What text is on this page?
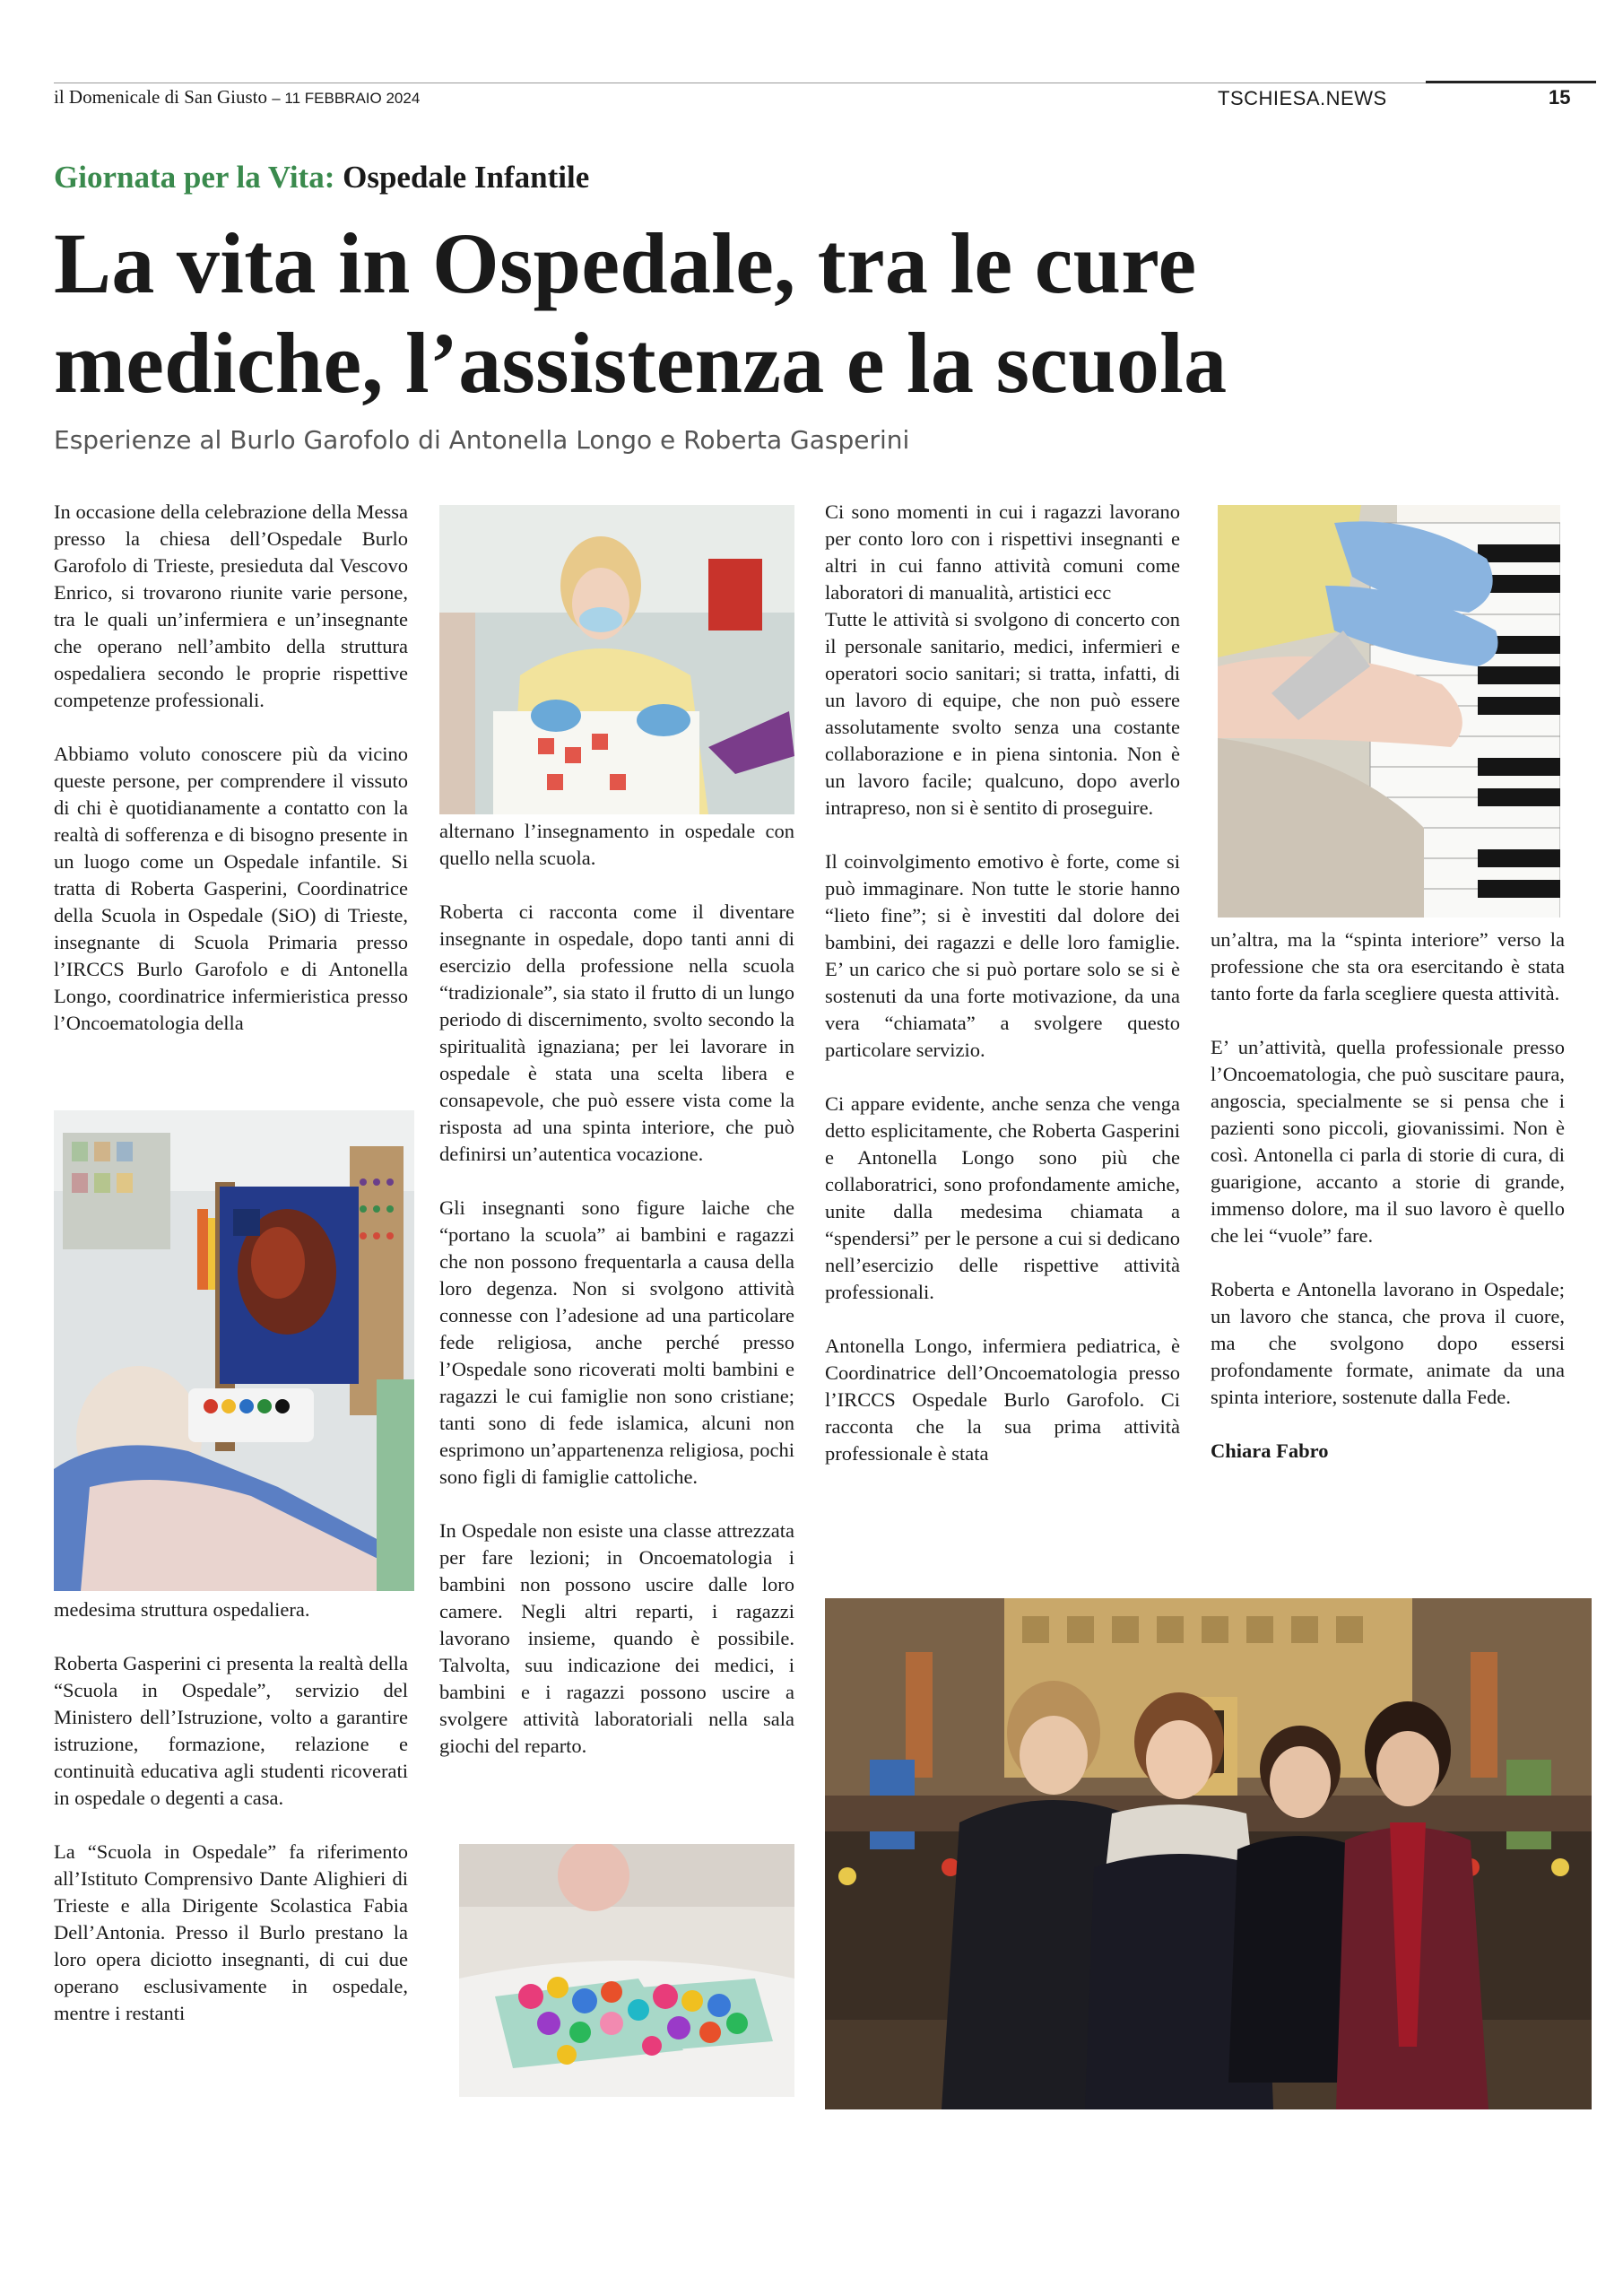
il Domenicale di San Giusto – 11 FEBBRAIO 2024	TSCHIESA.NEWS	15
Giornata per la Vita: Ospedale Infantile
La vita in Ospedale, tra le cure
mediche, l’assistenza e la scuola
Esperienze al Burlo Garofolo di Antonella Longo e Roberta Gasperini

In occasione della celebrazione della Messa presso la chiesa dell’Ospedale Burlo Garofolo di Trieste, presieduta dal Vescovo Enrico, si trovarono riunite varie persone, tra le quali un’infermiera e un’insegnante che operano nell’ambito della struttura ospedaliera secondo le proprie rispettive competenze professionali.

Abbiamo voluto conoscere più da vicino queste persone, per comprendere il vissuto di chi è quotidianamente a contatto con la realtà di sofferenza e di bisogno presente in un luogo come un Ospedale infantile. Si tratta di Roberta Gasperini, Coordinatrice della Scuola in Ospedale (SiO) di Trieste, insegnante di Scuola Primaria presso l’IRCCS Burlo Garofolo e di Antonella Longo, coordinatrice infermieristica presso l’Oncoematologia della

medesima struttura ospedaliera.

Roberta Gasperini ci presenta la realtà della “Scuola in Ospedale”, servizio del Ministero dell’Istruzione, volto a garantire istruzione, formazione, relazione e continuità educativa agli studenti ricoverati in ospedale o degenti a casa.

La “Scuola in Ospedale” fa riferimento all’Istituto Comprensivo Dante Alighieri di Trieste e alla Dirigente Scolastica Fabia Dell’Antonia. Presso il Burlo prestano la loro opera diciotto insegnanti, di cui due operano esclusivamente in ospedale, mentre i restanti

alternano l’insegnamento in ospedale con quello nella scuola.

Roberta ci racconta come il diventare insegnante in ospedale, dopo tanti anni di esercizio della professione nella scuola “tradizionale”, sia stato il frutto di un lungo periodo di discernimento, svolto secondo la spiritualità ignaziana; per lei lavorare in ospedale è stata una scelta libera e consapevole, che può essere vista come la risposta ad una spinta interiore, che può definirsi un’autentica vocazione.

Gli insegnanti sono figure laiche che “portano la scuola” ai bambini e ragazzi che non possono frequentarla a causa della loro degenza. Non si svolgono attività connesse con l’adesione ad una particolare fede religiosa, anche perché presso l’Ospedale sono ricoverati molti bambini e ragazzi le cui famiglie non sono cristiane; tanti sono di fede islamica, alcuni non esprimono un’appartenenza religiosa, pochi sono figli di famiglie cattoliche.

In Ospedale non esiste una classe attrezzata per fare lezioni; in Oncoematologia i bambini non possono uscire dalle loro camere. Negli altri reparti, i ragazzi lavorano insieme, quando è possibile. Talvolta, suu indicazione dei medici, i bambini e i ragazzi possono uscire a svolgere attività laboratoriali nella sala giochi del reparto.

Ci sono momenti in cui i ragazzi lavorano per conto loro con i rispettivi insegnanti e altri in cui fanno attività comuni come laboratori di manualità, artistici ecc

Tutte le attività si svolgono di concerto con il personale sanitario, medici, infermieri e operatori socio sanitari; si tratta, infatti, di un lavoro di equipe, che non può essere assolutamente svolto senza una costante collaborazione e in piena sintonia. Non è un lavoro facile; qualcuno, dopo averlo intrapreso, non si è sentito di proseguire.

Il coinvolgimento emotivo è forte, come si può immaginare. Non tutte le storie hanno “lieto fine”; si è investiti dal dolore dei bambini, dei ragazzi e delle loro famiglie. E’ un carico che si può portare solo se si è sostenuti da una forte motivazione, da una vera “chiamata” a svolgere questo particolare servizio.

Ci appare evidente, anche senza che venga detto esplicitamente, che Roberta Gasperini e Antonella Longo sono più che collaboratrici, sono profondamente amiche, unite dalla medesima chiamata a “spendersi” per le persone a cui si dedicano nell’esercizio delle rispettive attività professionali.

Antonella Longo, infermiera pediatrica, è Coordinatrice dell’Oncoematologia presso l’IRCCS Ospedale Burlo Garofolo. Ci racconta che la sua prima attività professionale è stata

un’altra, ma la “spinta interiore” verso la professione che sta ora esercitando è stata tanto forte da farla scegliere questa attività.

E’ un’attività, quella professionale presso l’Oncoematologia, che può suscitare paura, angoscia, specialmente se si pensa che i pazienti sono piccoli, giovanissimi. Non è così. Antonella ci parla di storie di cura, di guarigione, accanto a storie di grande, immenso dolore, ma il suo lavoro è quello che lei “vuole” fare.

Roberta e Antonella lavorano in Ospedale; un lavoro che stanca, che prova il cuore, ma che svolgono dopo essersi profondamente formate, animate da una spinta interiore, sostenute dalla Fede.

Chiara Fabro
